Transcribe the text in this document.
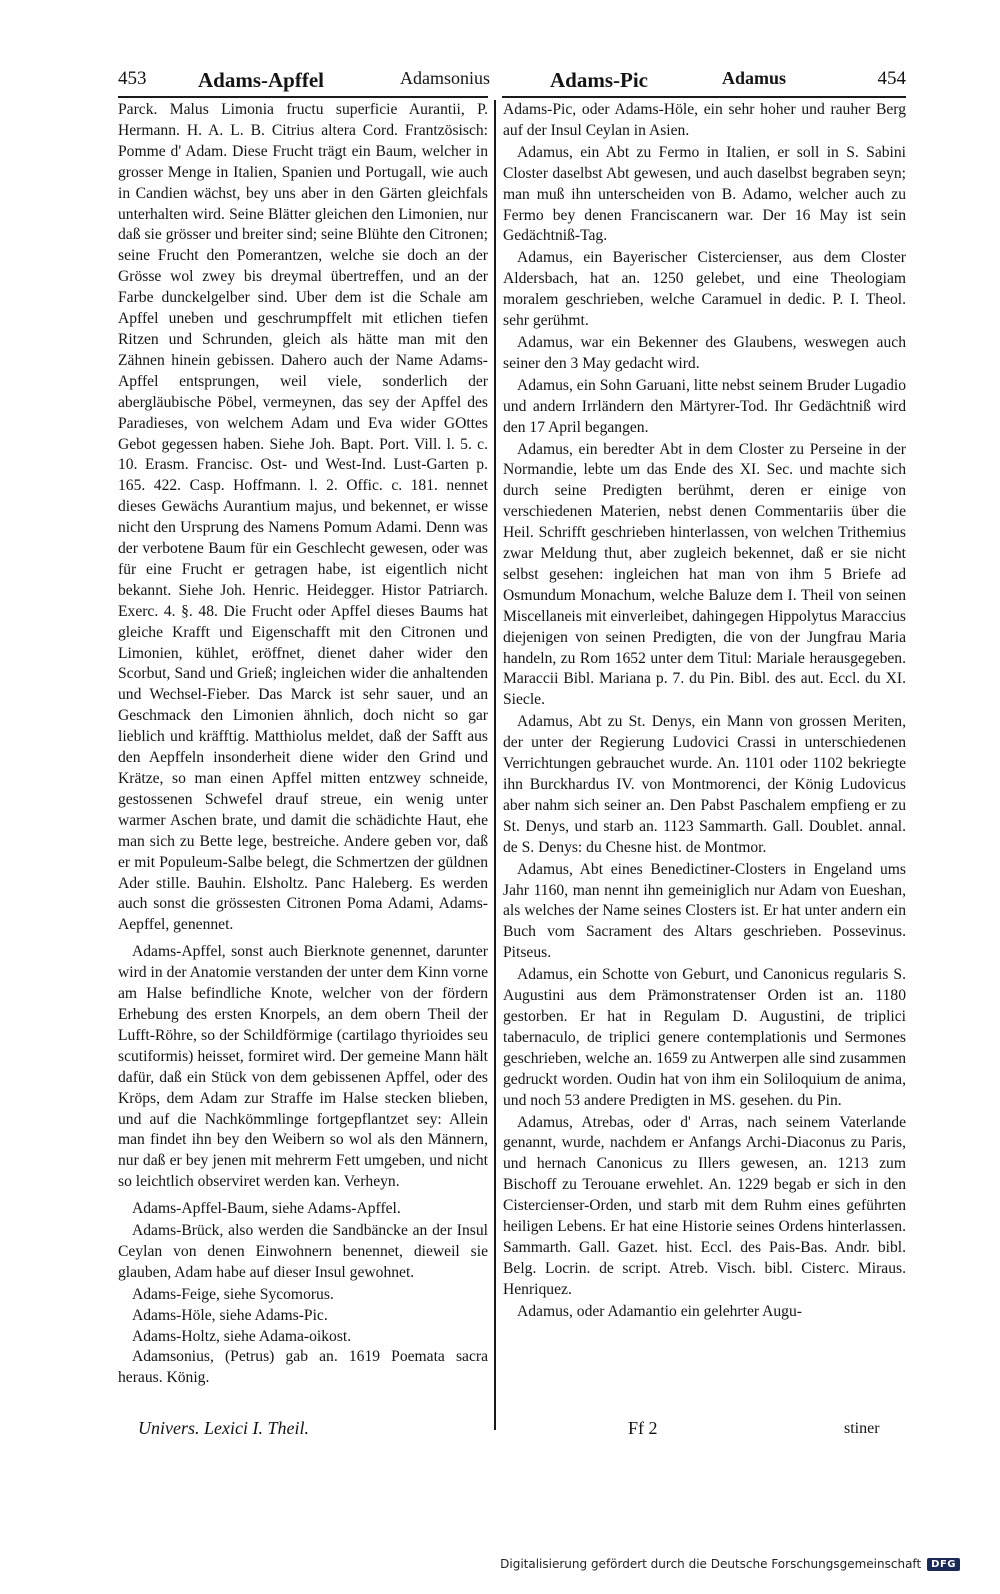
453 Adams-Apffel	Adamsonius	Adams-Pic	Adamus	454

Parck. Malus Limonia fructu superficie Aurantii, P. Hermann. H. A. L. B. Citrius altera Cord. Frantzösisch: Pomme d' Adam. Diese Frucht trägt ein Baum, welcher in grosser Menge in Italien, Spanien und Portugall, wie auch in Candien wächst, bey uns aber in den Gärten gleichfals unterhalten wird. Seine Blätter gleichen den Limonien, nur daß sie grösser und breiter sind; seine Blühte den Citronen; seine Frucht den Pomerantzen, welche sie doch an der Grösse wol zwey bis dreymal übertreffen, und an der Farbe dunckelgelber sind. Uber dem ist die Schale am Apffel uneben und geschrumpffelt mit etlichen tiefen Ritzen und Schrunden, gleich als hätte man mit den Zähnen hinein gebissen. Dahero auch der Name Adams-Apffel entsprungen, weil viele, sonderlich der abergläubische Pöbel, vermeynen, das sey der Apffel des Paradieses, von welchem Adam und Eva wider GOttes Gebot gegessen haben. Siehe Joh. Bapt. Port. Vill. l. 5. c. 10. Erasm. Francisc. Ost- und West-Ind. Lust-Garten p. 165. 422. Casp. Hoffmann. l. 2. Offic. c. 181. nennet dieses Gewächs Aurantium majus, und bekennet, er wisse nicht den Ursprung des Namens Pomum Adami. Denn was der verbotene Baum für ein Geschlecht gewesen, oder was für eine Frucht er getragen habe, ist eigentlich nicht bekannt. Siehe Joh. Henric. Heidegger. Histor Patriarch. Exerc. 4. §. 48. Die Frucht oder Apffel dieses Baums hat gleiche Krafft und Eigenschafft mit den Citronen und Limonien, kühlet, eröffnet, dienet daher wider den Scorbut, Sand und Grieß; ingleichen wider die anhaltenden und Wechsel-Fieber. Das Marck ist sehr sauer, und an Geschmack den Limonien ähnlich, doch nicht so gar lieblich und kräfftig. Matthiolus meldet, daß der Safft aus den Aepffeln insonderheit diene wider den Grind und Krätze, so man einen Apffel mitten entzwey schneide, gestossenen Schwefel drauf streue, ein wenig unter warmer Aschen brate, und damit die schädichte Haut, ehe man sich zu Bette lege, bestreiche. Andere geben vor, daß er mit Populeum-Salbe belegt, die Schmertzen der güldnen Ader stille. Bauhin. Elsholtz. Panc Haleberg. Es werden auch sonst die grössesten Citronen Poma Adami, Adams-Aepffel, genennet.

Adams-Apffel, sonst auch Bierknote genennet, darunter wird in der Anatomie verstanden der unter dem Kinn vorne am Halse befindliche Knote, welcher von der fördern Erhebung des ersten Knorpels, an dem obern Theil der Lufft-Röhre, so der Schildförmige (cartilago thyrioides seu scutiformis) heisset, formiret wird. Der gemeine Mann hält dafür, daß ein Stück von dem gebissenen Apffel, oder des Kröps, dem Adam zur Straffe im Halse stecken blieben, und auf die Nachkömmlinge fortgepflantzet sey: Allein man findet ihn bey den Weibern so wol als den Männern, nur daß er bey jenen mit mehrerm Fett umgeben, und nicht so leichtlich observiret werden kan. Verheyn.

Adams-Apffel-Baum, siehe Adams-Apffel.

Adams-Brück, also werden die Sandbäncke an der Insul Ceylan von denen Einwohnern benennet, dieweil sie glauben, Adam habe auf dieser Insul gewohnet.

Adams-Feige, siehe Sycomorus.

Adams-Höle, siehe Adams-Pic.

Adams-Holtz, siehe Adama-oikost.

Adamsonius, (Petrus) gab an. 1619 Poemata sacra heraus. König.

Adams-Pic, oder Adams-Höle, ein sehr hoher und rauher Berg auf der Insul Ceylan in Asien.

Adamus, ein Abt zu Fermo in Italien, er soll in S. Sabini Closter daselbst Abt gewesen, und auch daselbst begraben seyn; man muß ihn unterscheiden von B. Adamo, welcher auch zu Fermo bey denen Franciscanern war. Der 16 May ist sein Gedächtniß-Tag.

Adamus, ein Bayerischer Cistercienser, aus dem Closter Aldersbach, hat an. 1250 gelebet, und eine Theologiam moralem geschrieben, welche Caramuel in dedic. P. I. Theol. sehr gerühmt.

Adamus, war ein Bekenner des Glaubens, weswegen auch seiner den 3 May gedacht wird.

Adamus, ein Sohn Garuani, litte nebst seinem Bruder Lugadio und andern Irrländern den Märtyrer-Tod. Ihr Gedächtniß wird den 17 April begangen.

Adamus, ein beredter Abt in dem Closter zu Perseine in der Normandie, lebte um das Ende des XI. Sec. und machte sich durch seine Predigten berühmt, deren er einige von verschiedenen Materien, nebst denen Commentariis über die Heil. Schrifft geschrieben hinterlassen, von welchen Trithemius zwar Meldung thut, aber zugleich bekennet, daß er sie nicht selbst gesehen: ingleichen hat man von ihm 5 Briefe ad Osmundum Monachum, welche Baluze dem I. Theil von seinen Miscellaneis mit einverleibet, dahingegen Hippolytus Maraccius diejenigen von seinen Predigten, die von der Jungfrau Maria handeln, zu Rom 1652 unter dem Titul: Mariale herausgegeben. Maraccii Bibl. Mariana p. 7. du Pin. Bibl. des aut. Eccl. du XI. Siecle.

Adamus, Abt zu St. Denys, ein Mann von grossen Meriten, der unter der Regierung Ludovici Crassi in unterschiedenen Verrichtungen gebrauchet wurde. An. 1101 oder 1102 bekriegte ihn Burckhardus IV. von Montmorenci, der König Ludovicus aber nahm sich seiner an. Den Pabst Paschalem empfieng er zu St. Denys, und starb an. 1123 Sammarth. Gall. Doublet. annal. de S. Denys: du Chesne hist. de Montmor.

Adamus, Abt eines Benedictiner-Closters in Engeland ums Jahr 1160, man nennt ihn gemeiniglich nur Adam von Eueshan, als welches der Name seines Closters ist. Er hat unter andern ein Buch vom Sacrament des Altars geschrieben. Possevinus. Pitseus.

Adamus, ein Schotte von Geburt, und Canonicus regularis S. Augustini aus dem Prämonstratenser Orden ist an. 1180 gestorben. Er hat in Regulam D. Augustini, de triplici tabernaculo, de triplici genere contemplationis und Sermones geschrieben, welche an. 1659 zu Antwerpen alle sind zusammen gedruckt worden. Oudin hat von ihm ein Soliloquium de anima, und noch 53 andere Predigten in MS. gesehen. du Pin.

Adamus, Atrebas, oder d' Arras, nach seinem Vaterlande genannt, wurde, nachdem er Anfangs Archi-Diaconus zu Paris, und hernach Canonicus zu Illers gewesen, an. 1213 zum Bischoff zu Terouane erwehlet. An. 1229 begab er sich in den Cistercienser-Orden, und starb mit dem Ruhm eines geführten heiligen Lebens. Er hat eine Historie seines Ordens hinterlassen. Sammarth. Gall. Gazet. hist. Eccl. des Pais-Bas. Andr. bibl. Belg. Locrin. de script. Atreb. Visch. bibl. Cisterc. Miraus. Henriquez.

Adamus, oder Adamantio ein gelehrter Augu-

Univers. Lexici I. Theil.	Ff 2	stiner
Digitalisierung gefördert durch die Deutsche Forschungsgemeinschaft	DFG
